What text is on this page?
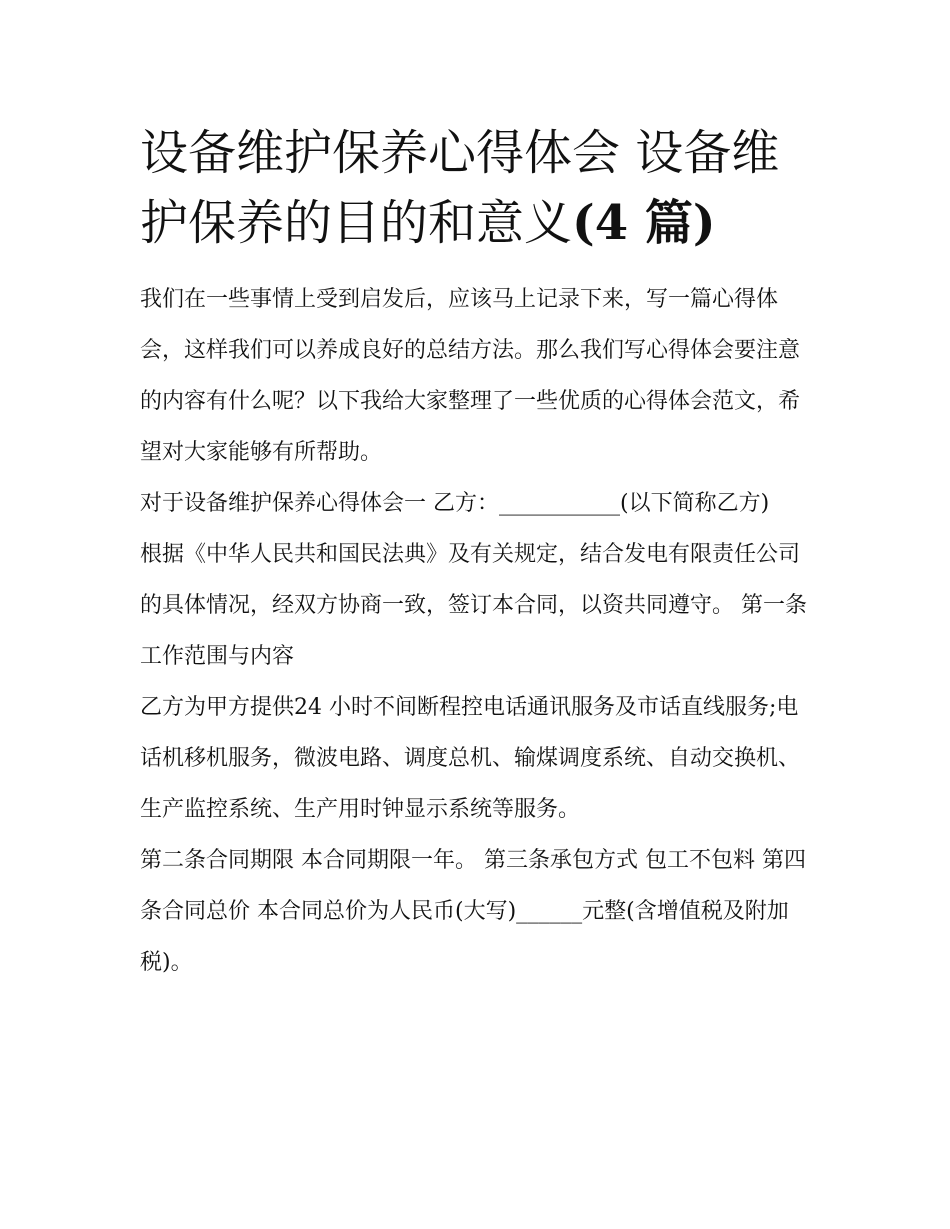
设备维护保养心得体会 设备维
护保养的目的和意义(4 篇)

我们在一些事情上受到启发后，应该马上记录下来，写一篇心得体会，这样我们可以养成良好的总结方法。那么我们写心得体会要注意的内容有什么呢？以下我给大家整理了一些优质的心得体会范文，希望对大家能够有所帮助。

对于设备维护保养心得体会一 乙方：___________(以下简称乙方)

根据《中华人民共和国民法典》及有关规定，结合发电有限责任公司的具体情况，经双方协商一致，签订本合同，以资共同遵守。 第一条工作范围与内容

乙方为甲方提供24 小时不间断程控电话通讯服务及市话直线服务;电话机移机服务，微波电路、调度总机、输煤调度系统、自动交换机、生产监控系统、生产用时钟显示系统等服务。

第二条合同期限 本合同期限一年。 第三条承包方式 包工不包料 第四条合同总价 本合同总价为人民币(大写)______元整(含增值税及附加税)。
